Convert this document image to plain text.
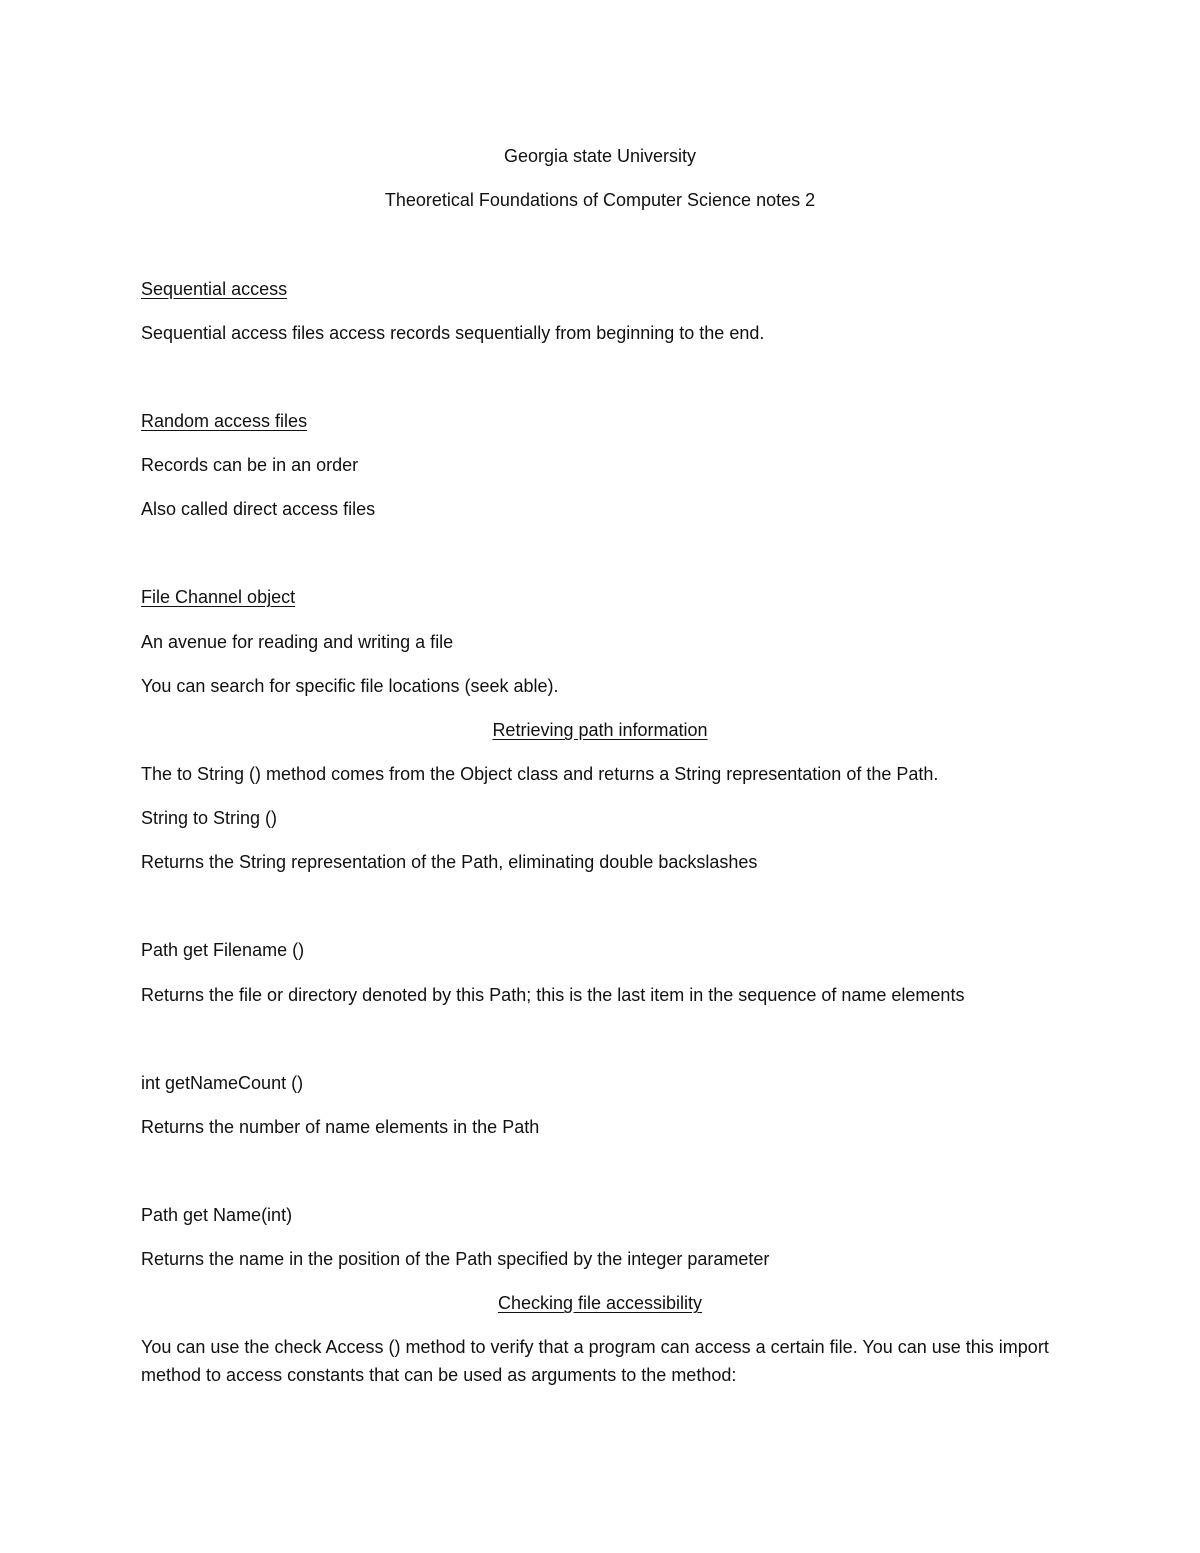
Georgia state University
Theoretical Foundations of Computer Science notes 2
Sequential access
Sequential access files access records sequentially from beginning to the end.
Random access files
Records can be in an order
Also called direct access files
File Channel object
An avenue for reading and writing a file
You can search for specific file locations (seek able).
Retrieving path information
The to String () method comes from the Object class and returns a String representation of the Path.
String to String ()
Returns the String representation of the Path, eliminating double backslashes
Path get Filename ()
Returns the file or directory denoted by this Path; this is the last item in the sequence of name elements
int getNameCount ()
Returns the number of name elements in the Path
Path get Name(int)
Returns the name in the position of the Path specified by the integer parameter
Checking file accessibility
You can use the check Access () method to verify that a program can access a certain file. You can use this import method to access constants that can be used as arguments to the method:
